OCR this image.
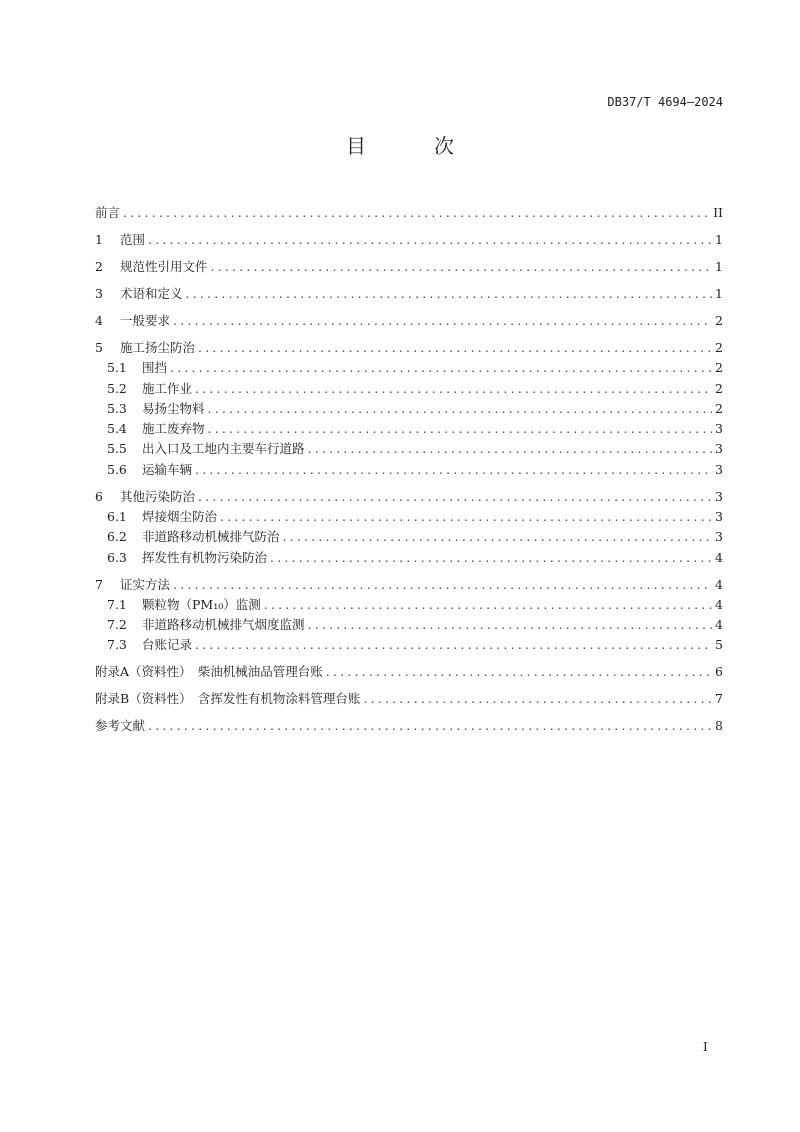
DB37/T 4694—2024
目　次
前言 .....	II
1	范围 .....	1
2	规范性引用文件 .....	1
3	术语和定义 .....	1
4	一般要求 .....	2
5	施工扬尘防治 .....	2
5.1	围挡 .....	2
5.2	施工作业 .....	2
5.3	易扬尘物料 .....	2
5.4	施工废弃物 .....	3
5.5	出入口及工地内主要车行道路 .....	3
5.6	运输车辆 .....	3
6	其他污染防治 .....	3
6.1	焊接烟尘防治 .....	3
6.2	非道路移动机械排气防治 .....	3
6.3	挥发性有机物污染防治 .....	4
7	证实方法 .....	4
7.1	颗粒物（PM₁₀）监测 .....	4
7.2	非道路移动机械排气烟度监测 .....	4
7.3	台账记录 .....	5
附录A（资料性）　柴油机械油品管理台账 .....	6
附录B（资料性）　含挥发性有机物涂料管理台账 .....	7
参考文献 .....	8
I
